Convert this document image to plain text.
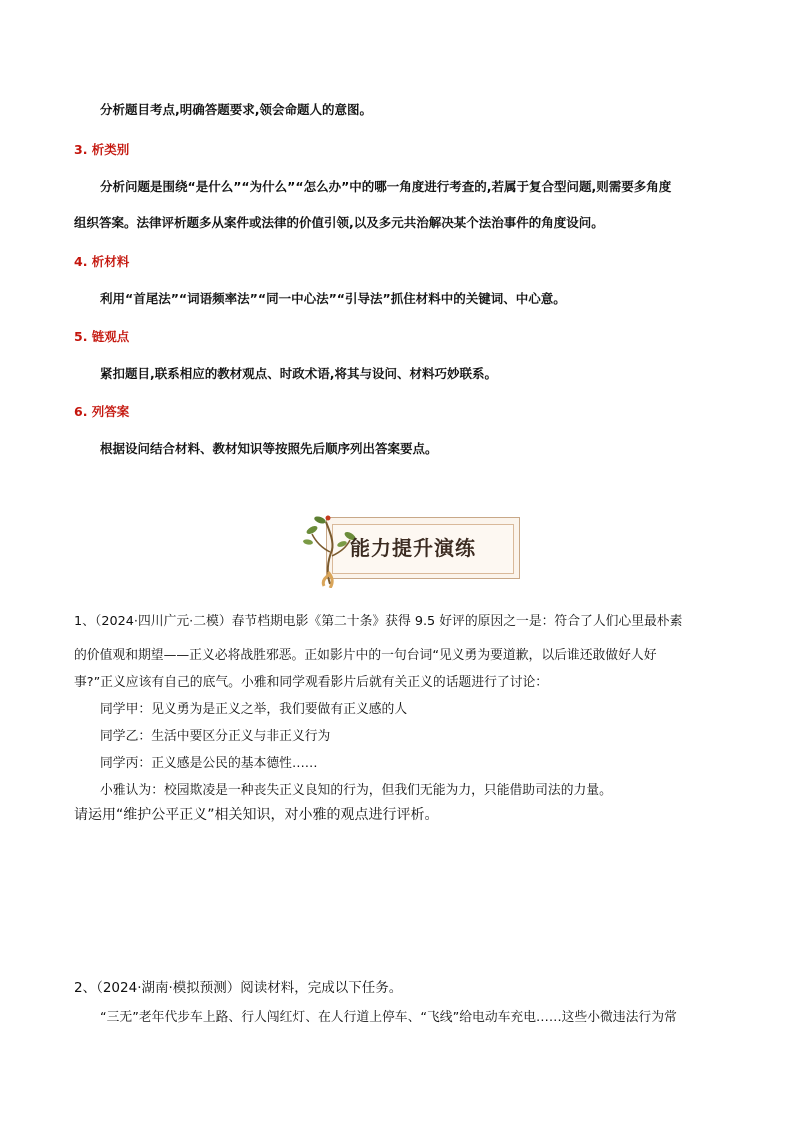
分析题目考点,明确答题要求,领会命题人的意图。
3. 析类别
分析问题是围绕“是什么”“为什么”“怎么办”中的哪一角度进行考查的,若属于复合型问题,则需要多角度
组织答案。法律评析题多从案件或法律的价值引领,以及多元共治解决某个法治事件的角度设问。
4. 析材料
利用“首尾法”“词语频率法”“同一中心法”“引导法”抓住材料中的关键词、中心意。
5. 链观点
紧扣题目,联系相应的教材观点、时政术语,将其与设问、材料巧妙联系。
6. 列答案
根据设问结合材料、教材知识等按照先后顺序列出答案要点。
能力提升演练
1、（2024·四川广元·二模）春节档期电影《第二十条》获得 9.5 好评的原因之一是：符合了人们心里最朴素
的价值观和期望——正义必将战胜邪恶。正如影片中的一句台词“见义勇为要道歉，以后谁还敢做好人好
事?”正义应该有自己的底气。小雅和同学观看影片后就有关正义的话题进行了讨论：
同学甲：见义勇为是正义之举，我们要做有正义感的人
同学乙：生活中要区分正义与非正义行为
同学丙：正义感是公民的基本德性……
小雅认为：校园欺凌是一种丧失正义良知的行为，但我们无能为力，只能借助司法的力量。
请运用“维护公平正义”相关知识，对小雅的观点进行评析。
2、（2024·湖南·模拟预测）阅读材料，完成以下任务。
“三无”老年代步车上路、行人闯红灯、在人行道上停车、“飞线”给电动车充电……这些小微违法行为常
